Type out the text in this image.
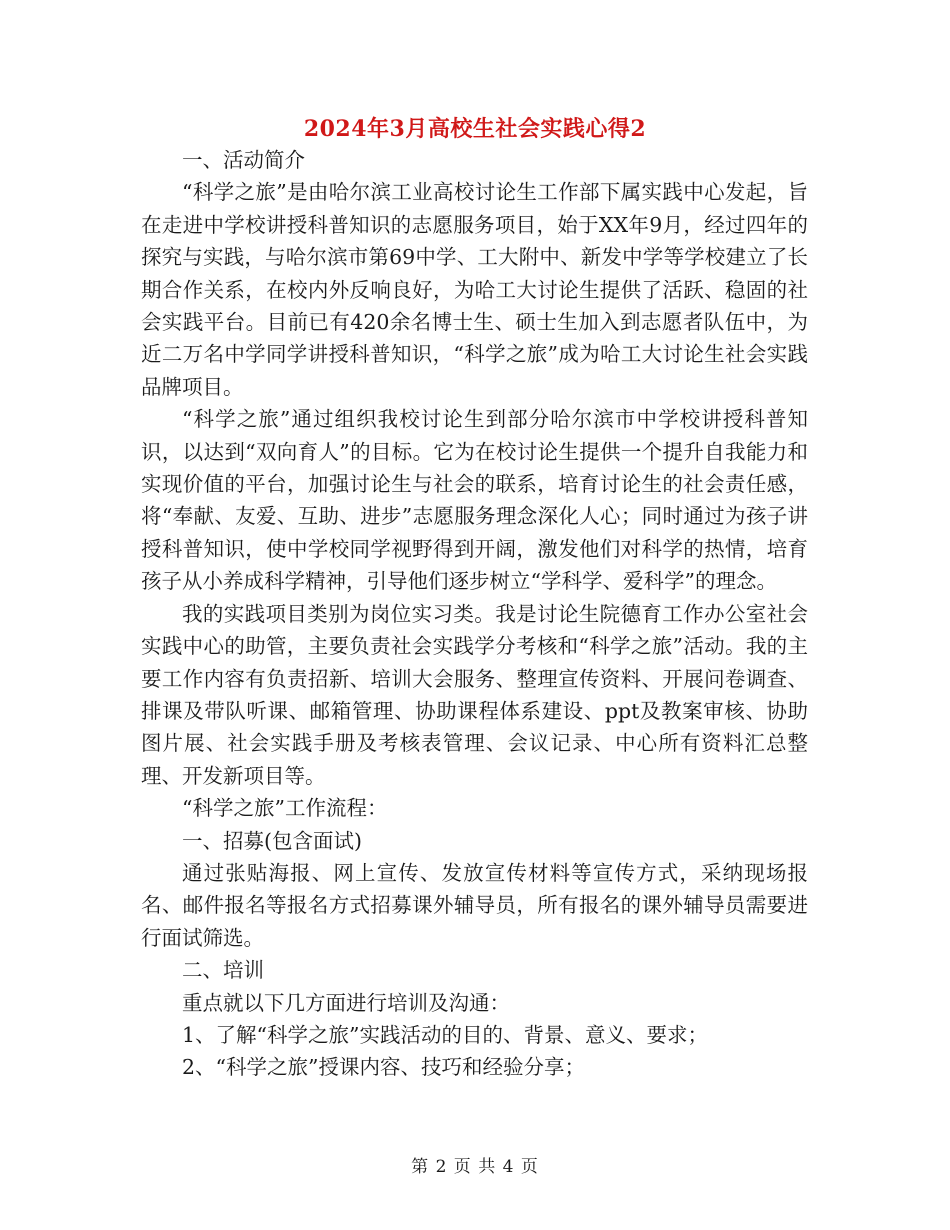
2024年3月高校生社会实践心得2

一、活动简介

“科学之旅”是由哈尔滨工业高校讨论生工作部下属实践中心发起，旨在走进中学校讲授科普知识的志愿服务项目，始于XX年9月，经过四年的探究与实践，与哈尔滨市第69中学、工大附中、新发中学等学校建立了长期合作关系，在校内外反响良好，为哈工大讨论生提供了活跃、稳固的社会实践平台。目前已有420余名博士生、硕士生加入到志愿者队伍中，为近二万名中学同学讲授科普知识，“科学之旅”成为哈工大讨论生社会实践品牌项目。

“科学之旅”通过组织我校讨论生到部分哈尔滨市中学校讲授科普知识，以达到“双向育人”的目标。它为在校讨论生提供一个提升自我能力和实现价值的平台，加强讨论生与社会的联系，培育讨论生的社会责任感，将“奉献、友爱、互助、进步”志愿服务理念深化人心；同时通过为孩子讲授科普知识，使中学校同学视野得到开阔，激发他们对科学的热情，培育孩子从小养成科学精神，引导他们逐步树立“学科学、爱科学”的理念。

我的实践项目类别为岗位实习类。我是讨论生院德育工作办公室社会实践中心的助管，主要负责社会实践学分考核和“科学之旅”活动。我的主要工作内容有负责招新、培训大会服务、整理宣传资料、开展问卷调查、排课及带队听课、邮箱管理、协助课程体系建设、ppt及教案审核、协助图片展、社会实践手册及考核表管理、会议记录、中心所有资料汇总整理、开发新项目等。

“科学之旅”工作流程：

一、招募(包含面试)

通过张贴海报、网上宣传、发放宣传材料等宣传方式，采纳现场报名、邮件报名等报名方式招募课外辅导员，所有报名的课外辅导员需要进行面试筛选。

二、培训

重点就以下几方面进行培训及沟通：

1、了解“科学之旅”实践活动的目的、背景、意义、要求；

2、“科学之旅”授课内容、技巧和经验分享；

第 2 页 共 4 页
